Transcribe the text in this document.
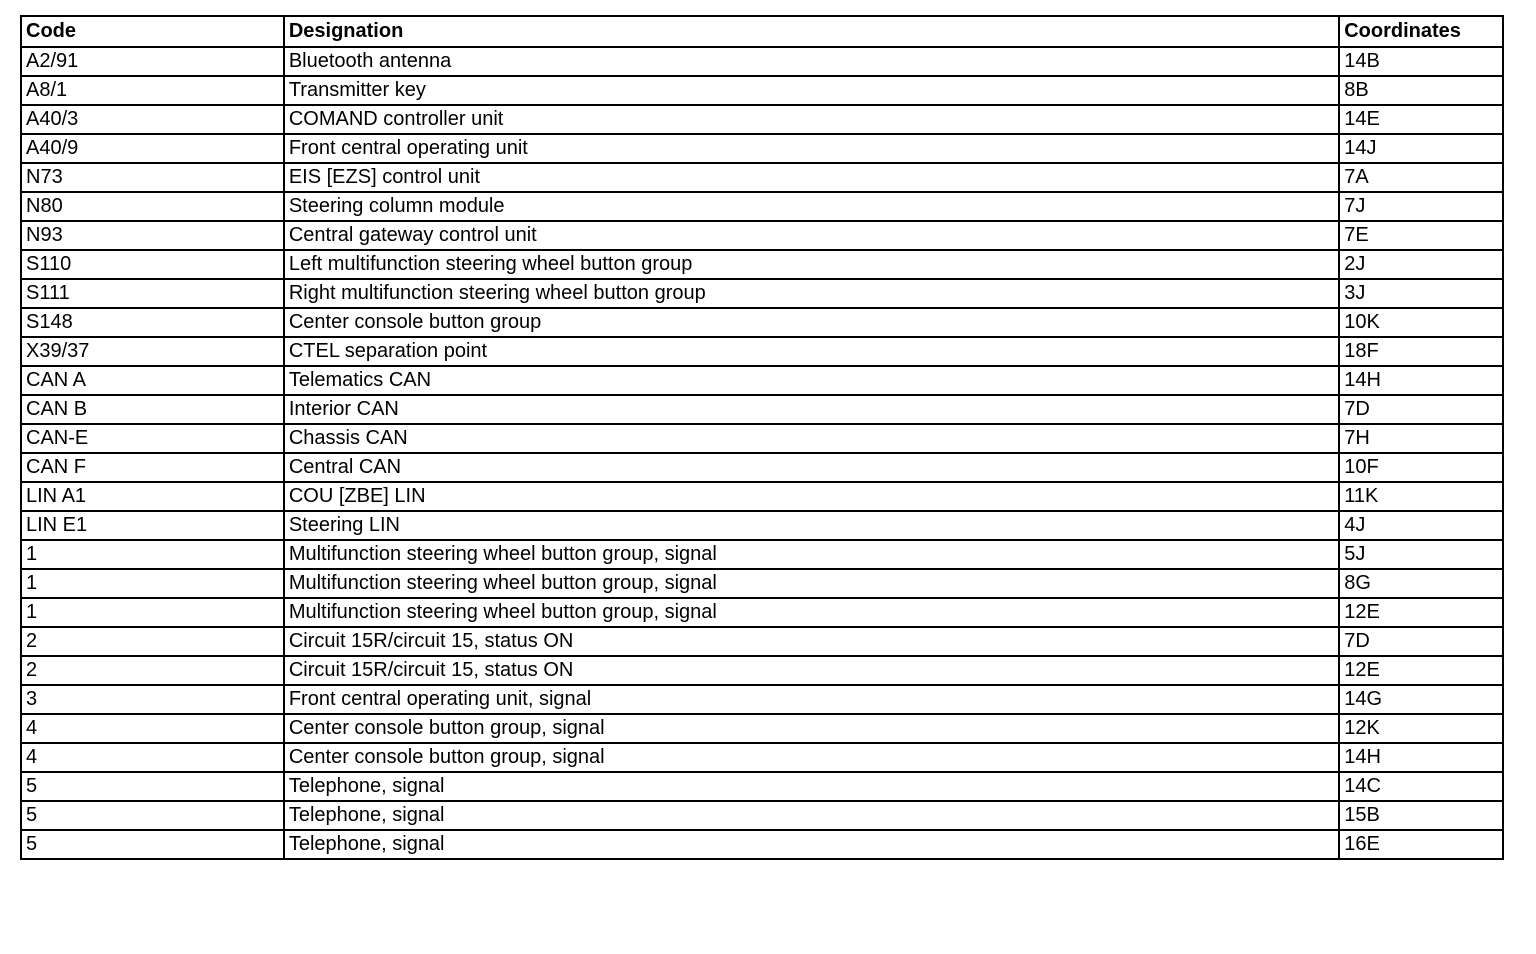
Code	Designation	Coordinates
A2/91	Bluetooth antenna	14B
A8/1	Transmitter key	8B
A40/3	COMAND controller unit	14E
A40/9	Front central operating unit	14J
N73	EIS [EZS] control unit	7A
N80	Steering column module	7J
N93	Central gateway control unit	7E
S110	Left multifunction steering wheel button group	2J
S111	Right multifunction steering wheel button group	3J
S148	Center console button group	10K
X39/37	CTEL separation point	18F
CAN A	Telematics CAN	14H
CAN B	Interior CAN	7D
CAN-E	Chassis CAN	7H
CAN F	Central CAN	10F
LIN A1	COU [ZBE] LIN	11K
LIN E1	Steering LIN	4J
1	Multifunction steering wheel button group, signal	5J
1	Multifunction steering wheel button group, signal	8G
1	Multifunction steering wheel button group, signal	12E
2	Circuit 15R/circuit 15, status ON	7D
2	Circuit 15R/circuit 15, status ON	12E
3	Front central operating unit, signal	14G
4	Center console button group, signal	12K
4	Center console button group, signal	14H
5	Telephone, signal	14C
5	Telephone, signal	15B
5	Telephone, signal	16E
